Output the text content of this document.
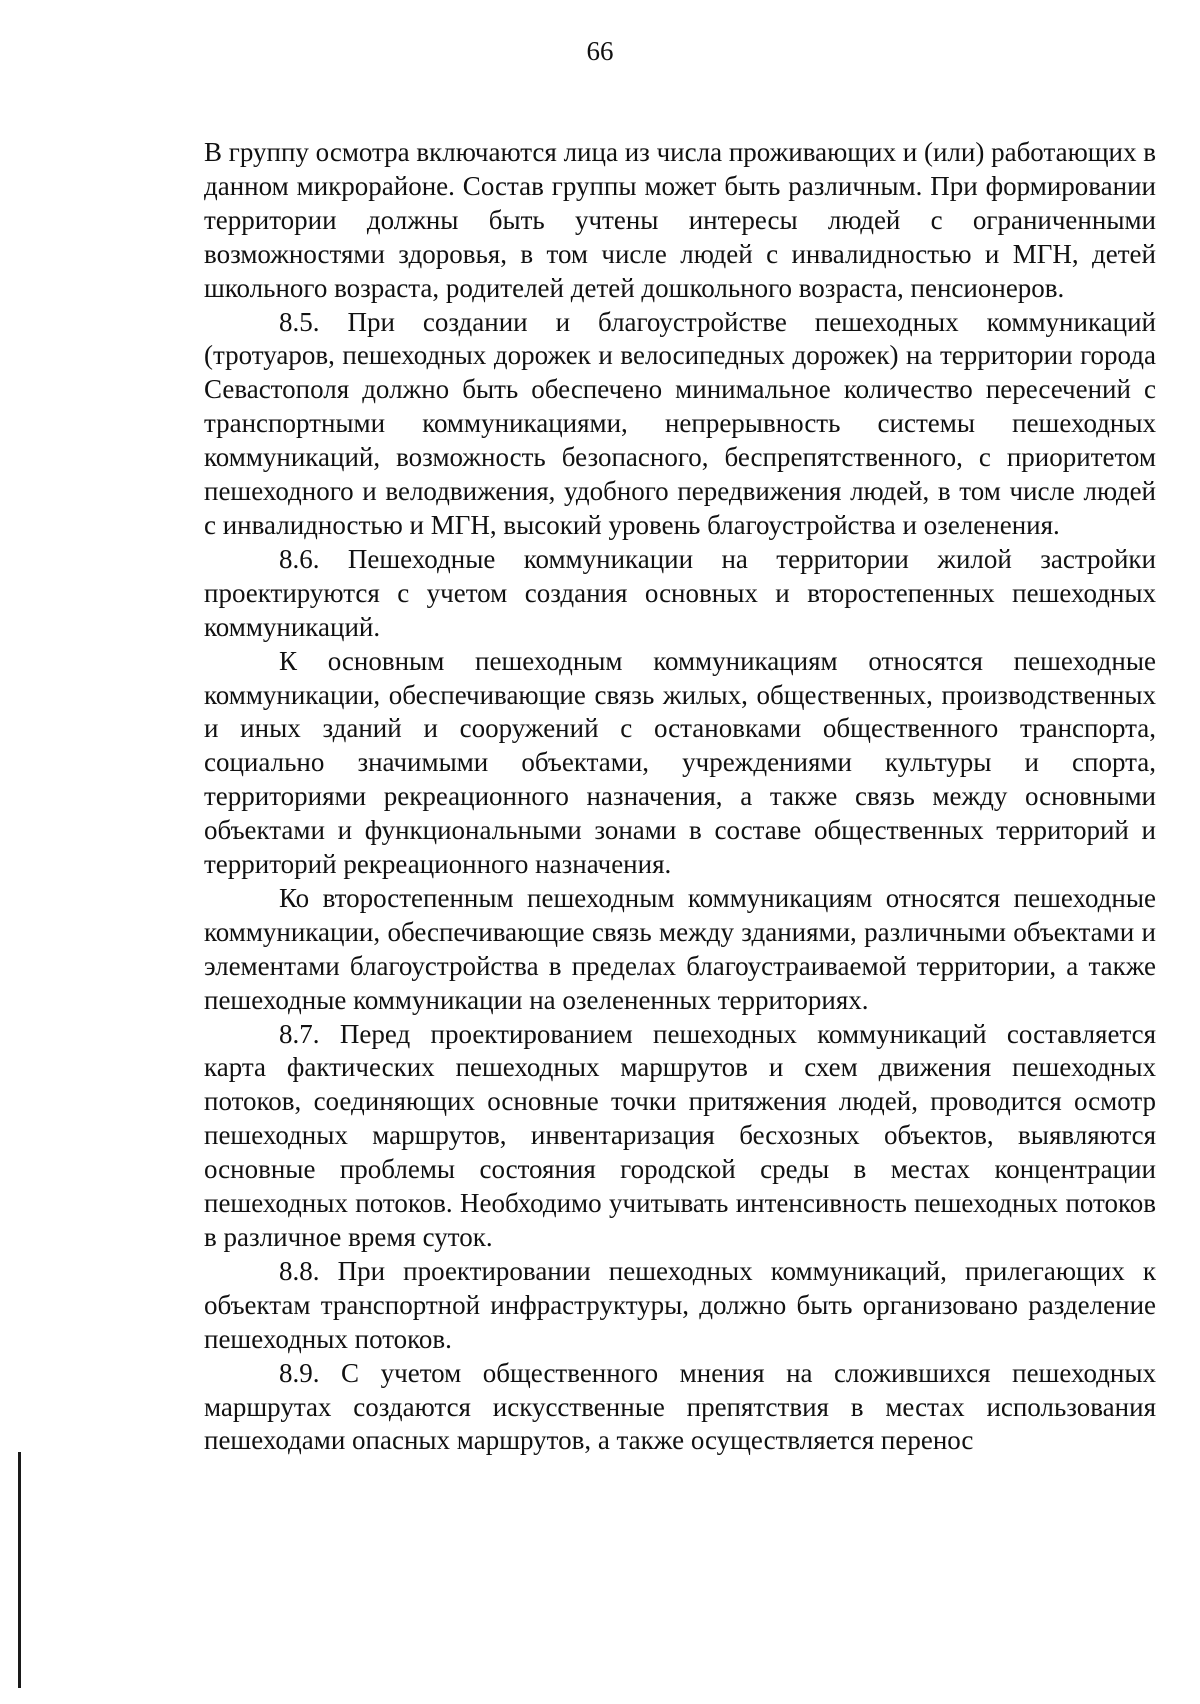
66

В группу осмотра включаются лица из числа проживающих и (или) работающих в данном микрорайоне. Состав группы может быть различным. При формировании территории должны быть учтены интересы людей с ограниченными возможностями здоровья, в том числе людей с инвалидностью и МГН, детей школьного возраста, родителей детей дошкольного возраста, пенсионеров.

8.5. При создании и благоустройстве пешеходных коммуникаций (тротуаров, пешеходных дорожек и велосипедных дорожек) на территории города Севастополя должно быть обеспечено минимальное количество пересечений с транспортными коммуникациями, непрерывность системы пешеходных коммуникаций, возможность безопасного, беспрепятственного, с приоритетом пешеходного и велодвижения, удобного передвижения людей, в том числе людей с инвалидностью и МГН, высокий уровень благоустройства и озеленения.

8.6. Пешеходные коммуникации на территории жилой застройки проектируются с учетом создания основных и второстепенных пешеходных коммуникаций.

К основным пешеходным коммуникациям относятся пешеходные коммуникации, обеспечивающие связь жилых, общественных, производственных и иных зданий и сооружений с остановками общественного транспорта, социально значимыми объектами, учреждениями культуры и спорта, территориями рекреационного назначения, а также связь между основными объектами и функциональными зонами в составе общественных территорий и территорий рекреационного назначения.

Ко второстепенным пешеходным коммуникациям относятся пешеходные коммуникации, обеспечивающие связь между зданиями, различными объектами и элементами благоустройства в пределах благоустраиваемой территории, а также пешеходные коммуникации на озелененных территориях.

8.7. Перед проектированием пешеходных коммуникаций составляется карта фактических пешеходных маршрутов и схем движения пешеходных потоков, соединяющих основные точки притяжения людей, проводится осмотр пешеходных маршрутов, инвентаризация бесхозных объектов, выявляются основные проблемы состояния городской среды в местах концентрации пешеходных потоков. Необходимо учитывать интенсивность пешеходных потоков в различное время суток.

8.8. При проектировании пешеходных коммуникаций, прилегающих к объектам транспортной инфраструктуры, должно быть организовано разделение пешеходных потоков.

8.9. С учетом общественного мнения на сложившихся пешеходных маршрутах создаются искусственные препятствия в местах использования пешеходами опасных маршрутов, а также осуществляется перенос
